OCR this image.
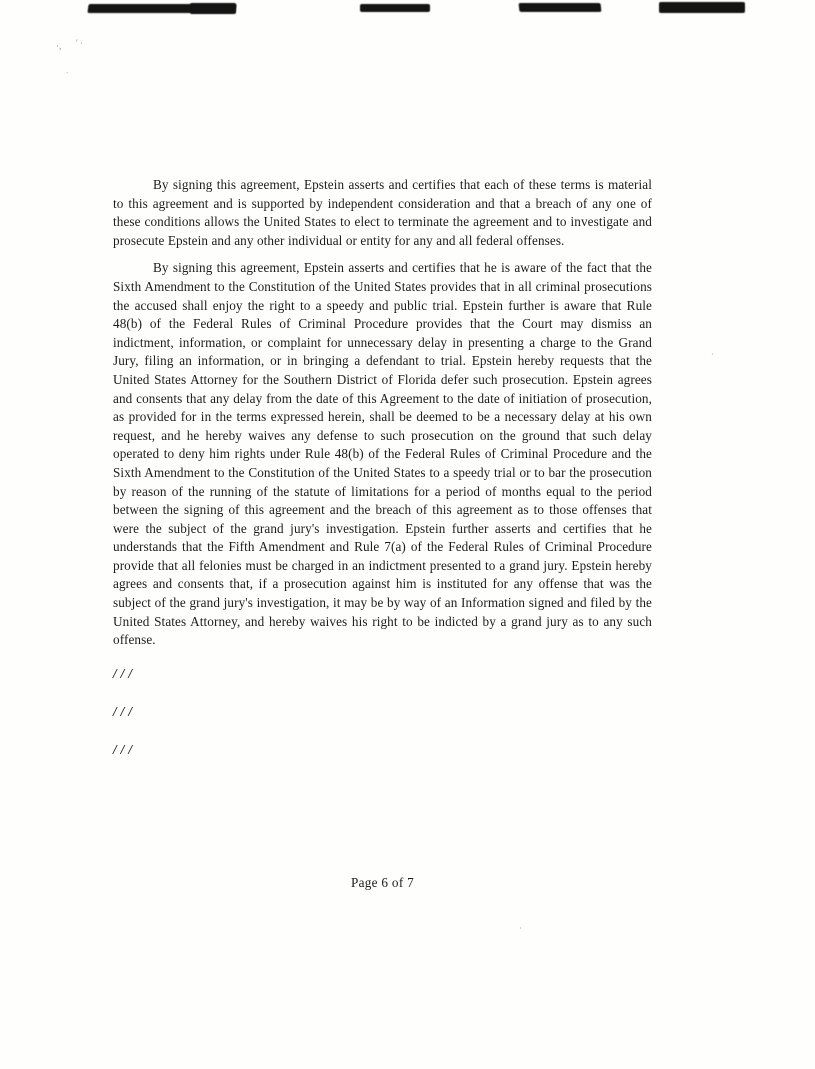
·, ' ·
·
·
·

By signing this agreement, Epstein asserts and certifies that each of these terms is material to this agreement and is supported by independent consideration and that a breach of any one of these conditions allows the United States to elect to terminate the agreement and to investigate and prosecute Epstein and any other individual or entity for any and all federal offenses.

By signing this agreement, Epstein asserts and certifies that he is aware of the fact that the Sixth Amendment to the Constitution of the United States provides that in all criminal prosecutions the accused shall enjoy the right to a speedy and public trial. Epstein further is aware that Rule 48(b) of the Federal Rules of Criminal Procedure provides that the Court may dismiss an indictment, information, or complaint for unnecessary delay in presenting a charge to the Grand Jury, filing an information, or in bringing a defendant to trial. Epstein hereby requests that the United States Attorney for the Southern District of Florida defer such prosecution. Epstein agrees and consents that any delay from the date of this Agreement to the date of initiation of prosecution, as provided for in the terms expressed herein, shall be deemed to be a necessary delay at his own request, and he hereby waives any defense to such prosecution on the ground that such delay operated to deny him rights under Rule 48(b) of the Federal Rules of Criminal Procedure and the Sixth Amendment to the Constitution of the United States to a speedy trial or to bar the prosecution by reason of the running of the statute of limitations for a period of months equal to the period between the signing of this agreement and the breach of this agreement as to those offenses that were the subject of the grand jury's investigation. Epstein further asserts and certifies that he understands that the Fifth Amendment and Rule 7(a) of the Federal Rules of Criminal Procedure provide that all felonies must be charged in an indictment presented to a grand jury. Epstein hereby agrees and consents that, if a prosecution against him is instituted for any offense that was the subject of the grand jury's investigation, it may be by way of an Information signed and filed by the United States Attorney, and hereby waives his right to be indicted by a grand jury as to any such offense.

///
///
///
Page 6 of 7
